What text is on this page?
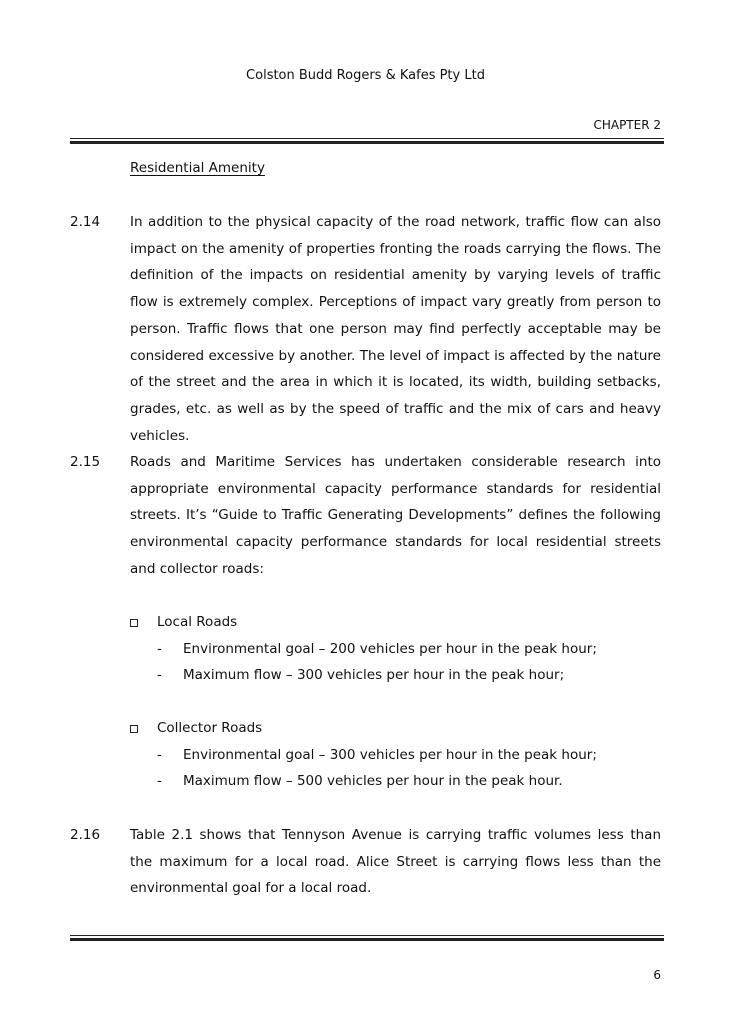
Colston Budd Rogers & Kafes Pty Ltd
CHAPTER 2
Residential Amenity
2.14 In addition to the physical capacity of the road network, traffic flow can also impact on the amenity of properties fronting the roads carrying the flows. The definition of the impacts on residential amenity by varying levels of traffic flow is extremely complex. Perceptions of impact vary greatly from person to person. Traffic flows that one person may find perfectly acceptable may be considered excessive by another. The level of impact is affected by the nature of the street and the area in which it is located, its width, building setbacks, grades, etc. as well as by the speed of traffic and the mix of cars and heavy vehicles.
2.15 Roads and Maritime Services has undertaken considerable research into appropriate environmental capacity performance standards for residential streets. It’s “Guide to Traffic Generating Developments” defines the following environmental capacity performance standards for local residential streets and collector roads:
Local Roads
- Environmental goal – 200 vehicles per hour in the peak hour;
- Maximum flow – 300 vehicles per hour in the peak hour;
Collector Roads
- Environmental goal – 300 vehicles per hour in the peak hour;
- Maximum flow – 500 vehicles per hour in the peak hour.
2.16 Table 2.1 shows that Tennyson Avenue is carrying traffic volumes less than the maximum for a local road. Alice Street is carrying flows less than the environmental goal for a local road.
6
